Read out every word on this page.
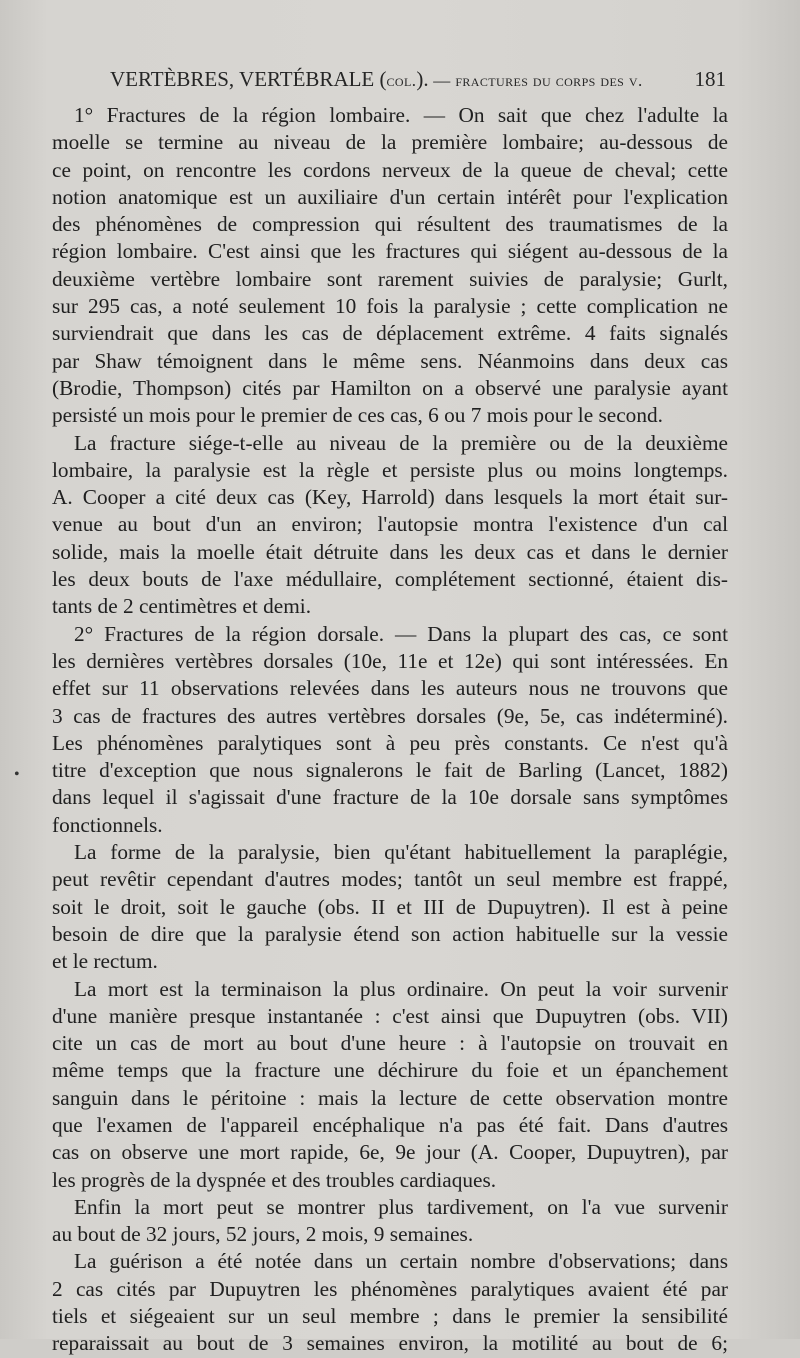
VERTÈBRES, VERTÉBRALE (col.). — fractures du corps des v. 181
•
1° Fractures de la région lombaire. — On sait que chez l'adulte la
moelle se termine au niveau de la première lombaire; au-dessous de
ce point, on rencontre les cordons nerveux de la queue de cheval; cette
notion anatomique est un auxiliaire d'un certain intérêt pour l'explication
des phénomènes de compression qui résultent des traumatismes de la
région lombaire. C'est ainsi que les fractures qui siégent au-dessous de la
deuxième vertèbre lombaire sont rarement suivies de paralysie; Gurlt,
sur 295 cas, a noté seulement 10 fois la paralysie ; cette complication ne
surviendrait que dans les cas de déplacement extrême. 4 faits signalés
par Shaw témoignent dans le même sens. Néanmoins dans deux cas
(Brodie, Thompson) cités par Hamilton on a observé une paralysie ayant
persisté un mois pour le premier de ces cas, 6 ou 7 mois pour le second.
La fracture siége-t-elle au niveau de la première ou de la deuxième
lombaire, la paralysie est la règle et persiste plus ou moins longtemps.
A. Cooper a cité deux cas (Key, Harrold) dans lesquels la mort était sur-
venue au bout d'un an environ; l'autopsie montra l'existence d'un cal
solide, mais la moelle était détruite dans les deux cas et dans le dernier
les deux bouts de l'axe médullaire, complétement sectionné, étaient dis-
tants de 2 centimètres et demi.
2° Fractures de la région dorsale. — Dans la plupart des cas, ce sont
les dernières vertèbres dorsales (10e, 11e et 12e) qui sont intéressées. En
effet sur 11 observations relevées dans les auteurs nous ne trouvons que
3 cas de fractures des autres vertèbres dorsales (9e, 5e, cas indéterminé).
Les phénomènes paralytiques sont à peu près constants. Ce n'est qu'à
titre d'exception que nous signalerons le fait de Barling (Lancet, 1882)
dans lequel il s'agissait d'une fracture de la 10e dorsale sans symptômes
fonctionnels.
La forme de la paralysie, bien qu'étant habituellement la paraplégie,
peut revêtir cependant d'autres modes; tantôt un seul membre est frappé,
soit le droit, soit le gauche (obs. II et III de Dupuytren). Il est à peine
besoin de dire que la paralysie étend son action habituelle sur la vessie
et le rectum.
La mort est la terminaison la plus ordinaire. On peut la voir survenir
d'une manière presque instantanée : c'est ainsi que Dupuytren (obs. VII)
cite un cas de mort au bout d'une heure : à l'autopsie on trouvait en
même temps que la fracture une déchirure du foie et un épanchement
sanguin dans le péritoine : mais la lecture de cette observation montre
que l'examen de l'appareil encéphalique n'a pas été fait. Dans d'autres
cas on observe une mort rapide, 6e, 9e jour (A. Cooper, Dupuytren), par
les progrès de la dyspnée et des troubles cardiaques.
Enfin la mort peut se montrer plus tardivement, on l'a vue survenir
au bout de 32 jours, 52 jours, 2 mois, 9 semaines.
La guérison a été notée dans un certain nombre d'observations; dans
2 cas cités par Dupuytren les phénomènes paralytiques avaient été par
tiels et siégeaient sur un seul membre ; dans le premier la sensibilité
reparaissait au bout de 3 semaines environ, la motilité au bout de 6;
